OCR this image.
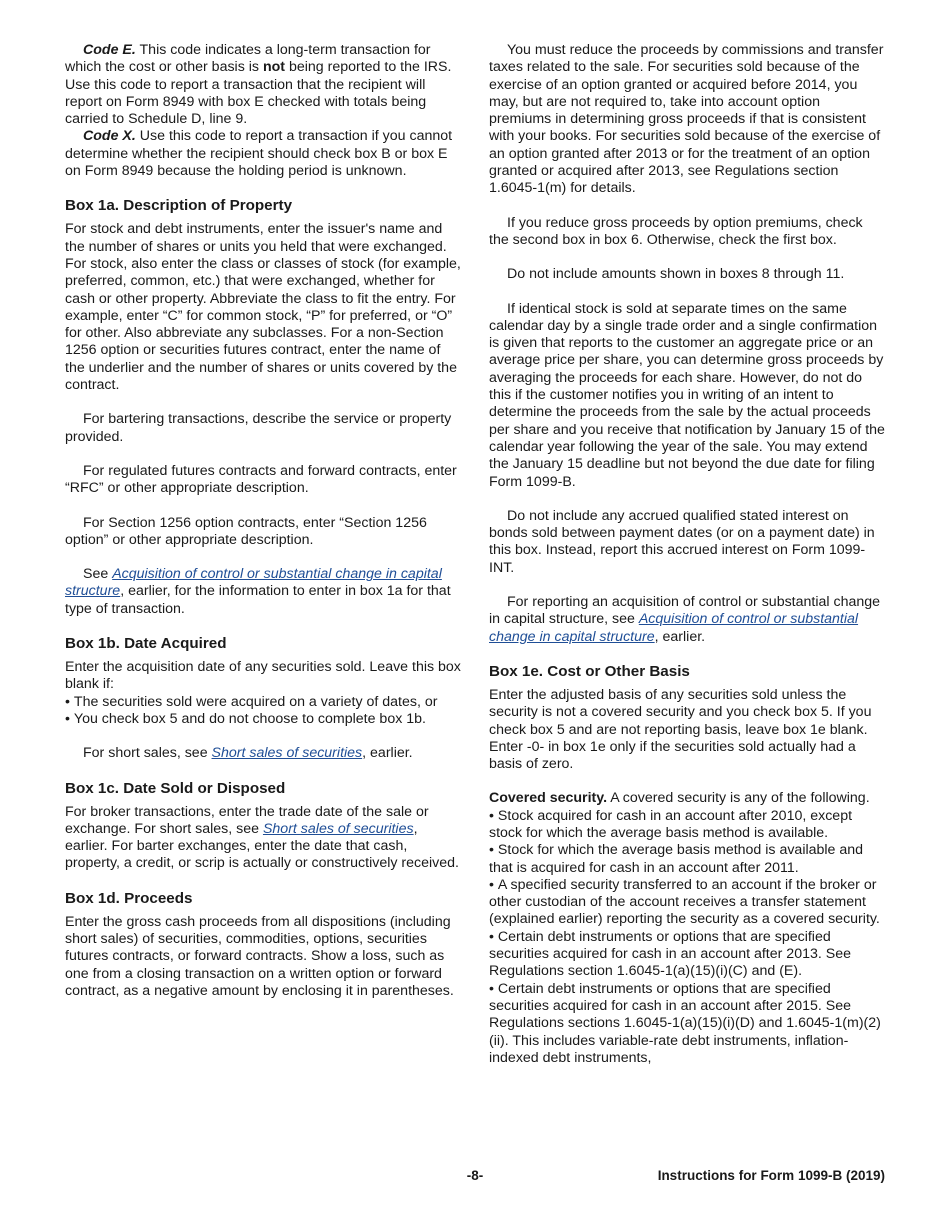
Code E. This code indicates a long-term transaction for which the cost or other basis is not being reported to the IRS. Use this code to report a transaction that the recipient will report on Form 8949 with box E checked with totals being carried to Schedule D, line 9.

Code X. Use this code to report a transaction if you cannot determine whether the recipient should check box B or box E on Form 8949 because the holding period is unknown.

Box 1a. Description of Property

For stock and debt instruments, enter the issuer's name and the number of shares or units you held that were exchanged. For stock, also enter the class or classes of stock (for example, preferred, common, etc.) that were exchanged, whether for cash or other property. Abbreviate the class to fit the entry. For example, enter “C” for common stock, “P” for preferred, or “O” for other. Also abbreviate any subclasses. For a non-Section 1256 option or securities futures contract, enter the name of the underlier and the number of shares or units covered by the contract.

For bartering transactions, describe the service or property provided.

For regulated futures contracts and forward contracts, enter “RFC” or other appropriate description.

For Section 1256 option contracts, enter “Section 1256 option” or other appropriate description.

See Acquisition of control or substantial change in capital structure, earlier, for the information to enter in box 1a for that type of transaction.

Box 1b. Date Acquired

Enter the acquisition date of any securities sold. Leave this box blank if:

• The securities sold were acquired on a variety of dates, or

• You check box 5 and do not choose to complete box 1b.

For short sales, see Short sales of securities, earlier.

Box 1c. Date Sold or Disposed

For broker transactions, enter the trade date of the sale or exchange. For short sales, see Short sales of securities, earlier. For barter exchanges, enter the date that cash, property, a credit, or scrip is actually or constructively received.

Box 1d. Proceeds

Enter the gross cash proceeds from all dispositions (including short sales) of securities, commodities, options, securities futures contracts, or forward contracts. Show a loss, such as one from a closing transaction on a written option or forward contract, as a negative amount by enclosing it in parentheses.

You must reduce the proceeds by commissions and transfer taxes related to the sale. For securities sold because of the exercise of an option granted or acquired before 2014, you may, but are not required to, take into account option premiums in determining gross proceeds if that is consistent with your books. For securities sold because of the exercise of an option granted after 2013 or for the treatment of an option granted or acquired after 2013, see Regulations section 1.6045-1(m) for details.

If you reduce gross proceeds by option premiums, check the second box in box 6. Otherwise, check the first box.

Do not include amounts shown in boxes 8 through 11.

If identical stock is sold at separate times on the same calendar day by a single trade order and a single confirmation is given that reports to the customer an aggregate price or an average price per share, you can determine gross proceeds by averaging the proceeds for each share. However, do not do this if the customer notifies you in writing of an intent to determine the proceeds from the sale by the actual proceeds per share and you receive that notification by January 15 of the calendar year following the year of the sale. You may extend the January 15 deadline but not beyond the due date for filing Form 1099-B.

Do not include any accrued qualified stated interest on bonds sold between payment dates (or on a payment date) in this box. Instead, report this accrued interest on Form 1099-INT.

For reporting an acquisition of control or substantial change in capital structure, see Acquisition of control or substantial change in capital structure, earlier.

Box 1e. Cost or Other Basis

Enter the adjusted basis of any securities sold unless the security is not a covered security and you check box 5. If you check box 5 and are not reporting basis, leave box 1e blank. Enter -0- in box 1e only if the securities sold actually had a basis of zero.

Covered security. A covered security is any of the following.

• Stock acquired for cash in an account after 2010, except stock for which the average basis method is available.

• Stock for which the average basis method is available and that is acquired for cash in an account after 2011.

• A specified security transferred to an account if the broker or other custodian of the account receives a transfer statement (explained earlier) reporting the security as a covered security.

• Certain debt instruments or options that are specified securities acquired for cash in an account after 2013. See Regulations section 1.6045-1(a)(15)(i)(C) and (E).

• Certain debt instruments or options that are specified securities acquired for cash in an account after 2015. See Regulations sections 1.6045-1(a)(15)(i)(D) and 1.6045-1(m)(2)(ii). This includes variable-rate debt instruments, inflation-indexed debt instruments,

-8-	Instructions for Form 1099-B (2019)
